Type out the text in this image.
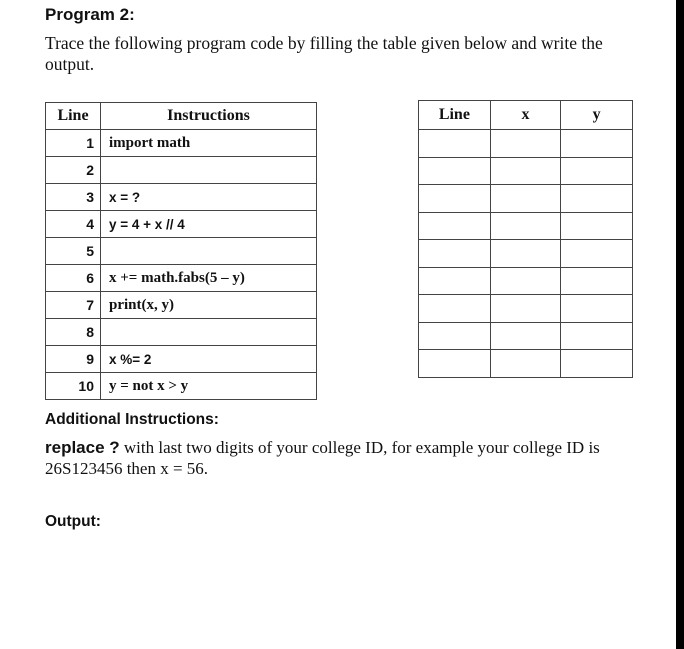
Program 2:
Trace the following program code by filling the table given below and write the output.
Line	Instructions
1	import math
2	
3	x = ?
4	y = 4 + x // 4
5	
6	x += math.fabs(5 – y)
7	print(x, y)
8	
9	x %= 2
10	y = not x > y
Line	x	y

Additional Instructions:
replace ? with last two digits of your college ID, for example your college ID is 26S123456 then x = 56.
Output:
